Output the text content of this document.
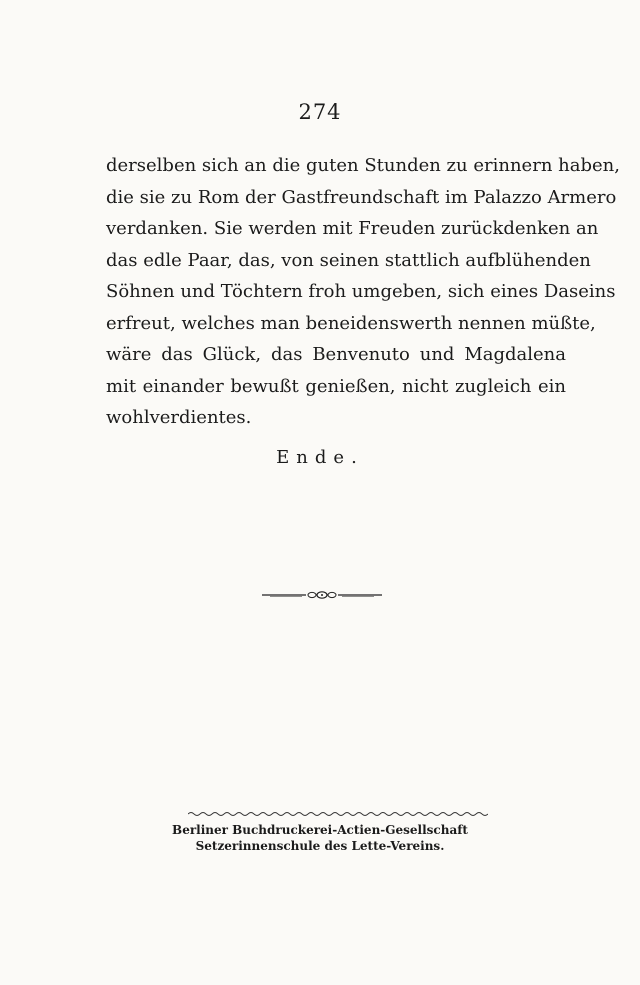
274
derselben sich an die guten Stunden zu erinnern haben,
die sie zu Rom der Gastfreundschaft im Palazzo Armero
verdanken. Sie werden mit Freuden zurückdenken an
das edle Paar, das, von seinen stattlich aufblühenden
Söhnen und Töchtern froh umgeben, sich eines Daseins
erfreut, welches man beneidenswerth nennen müßte,
wäre das Glück, das Benvenuto und Magdalena
mit einander bewußt genießen, nicht zugleich ein
wohlverdientes.
Ende.
Berliner Buchdruckerei-Actien-Gesellschaft
Setzerinnenschule des Lette-Vereins.
